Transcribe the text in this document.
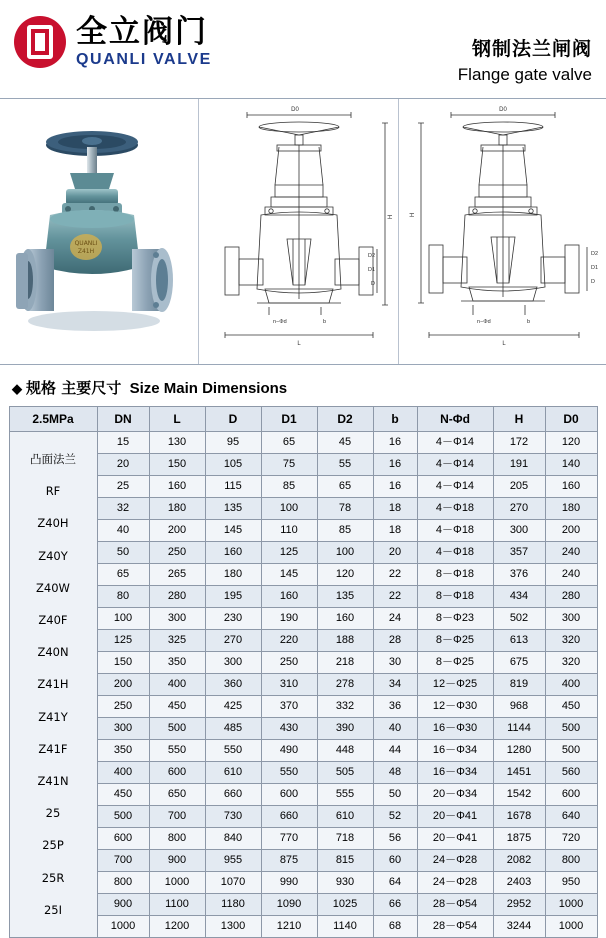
全立阀门
QUANLI VALVE	钢制法兰闸阀
Flange gate valve
QUANLI
Z41H
D0
H
D2
D1
D
n−Φd	b
L
D0
H
D2
D1
D
n−Φd	b
L
◆ 规格 主要尺寸 Size Main Dimensions
2.5MPa	DN	L	D	D1	D2	b	N-Φd	H	D0

凸面法兰
RF
Z40H
Z40Y
Z40W
Z40F
Z40N
Z41H
Z41Y
Z41F
Z41N
25
25P
25R
25I
	15	130	95	65	45	16	4－Φ14	172	120
	20	150	105	75	55	16	4－Φ14	191	140
	25	160	115	85	65	16	4－Φ14	205	160
	32	180	135	100	78	18	4－Φ18	270	180
	40	200	145	110	85	18	4－Φ18	300	200
	50	250	160	125	100	20	4－Φ18	357	240
	65	265	180	145	120	22	8－Φ18	376	240
	80	280	195	160	135	22	8－Φ18	434	280
	100	300	230	190	160	24	8－Φ23	502	300
	125	325	270	220	188	28	8－Φ25	613	320
	150	350	300	250	218	30	8－Φ25	675	320
	200	400	360	310	278	34	12－Φ25	819	400
	250	450	425	370	332	36	12－Φ30	968	450
	300	500	485	430	390	40	16－Φ30	1144	500
	350	550	550	490	448	44	16－Φ34	1280	500
	400	600	610	550	505	48	16－Φ34	1451	560
	450	650	660	600	555	50	20－Φ34	1542	600
	500	700	730	660	610	52	20－Φ41	1678	640
	600	800	840	770	718	56	20－Φ41	1875	720
	700	900	955	875	815	60	24－Φ28	2082	800
	800	1000	1070	990	930	64	24－Φ28	2403	950
	900	1100	1180	1090	1025	66	28－Φ54	2952	1000
	1000	1200	1300	1210	1140	68	28－Φ54	3244	1000
